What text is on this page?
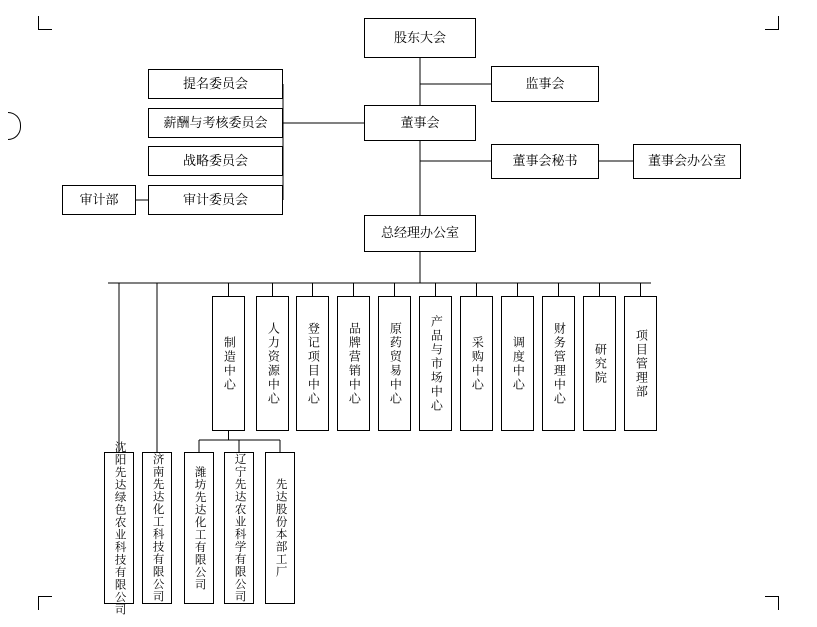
股东大会
监事会
董事会
董事会秘书	董事会办公室
提名委员会
薪酬与考核委员会
战略委员会
审计委员会
审计部
总经理办公室
制造中心	人力资源中心 登记项目中心 品牌营销中心 原药贸易中心 产品与市场中心 采购中心 调度中心 财务管理中心 研究院 项目管理部
沈阳先达绿色农业科技有限公司 济南先达化工科技有限公司	潍坊先达化工有限公司 辽宁先达农业科学有限公司	先达股份本部工厂
